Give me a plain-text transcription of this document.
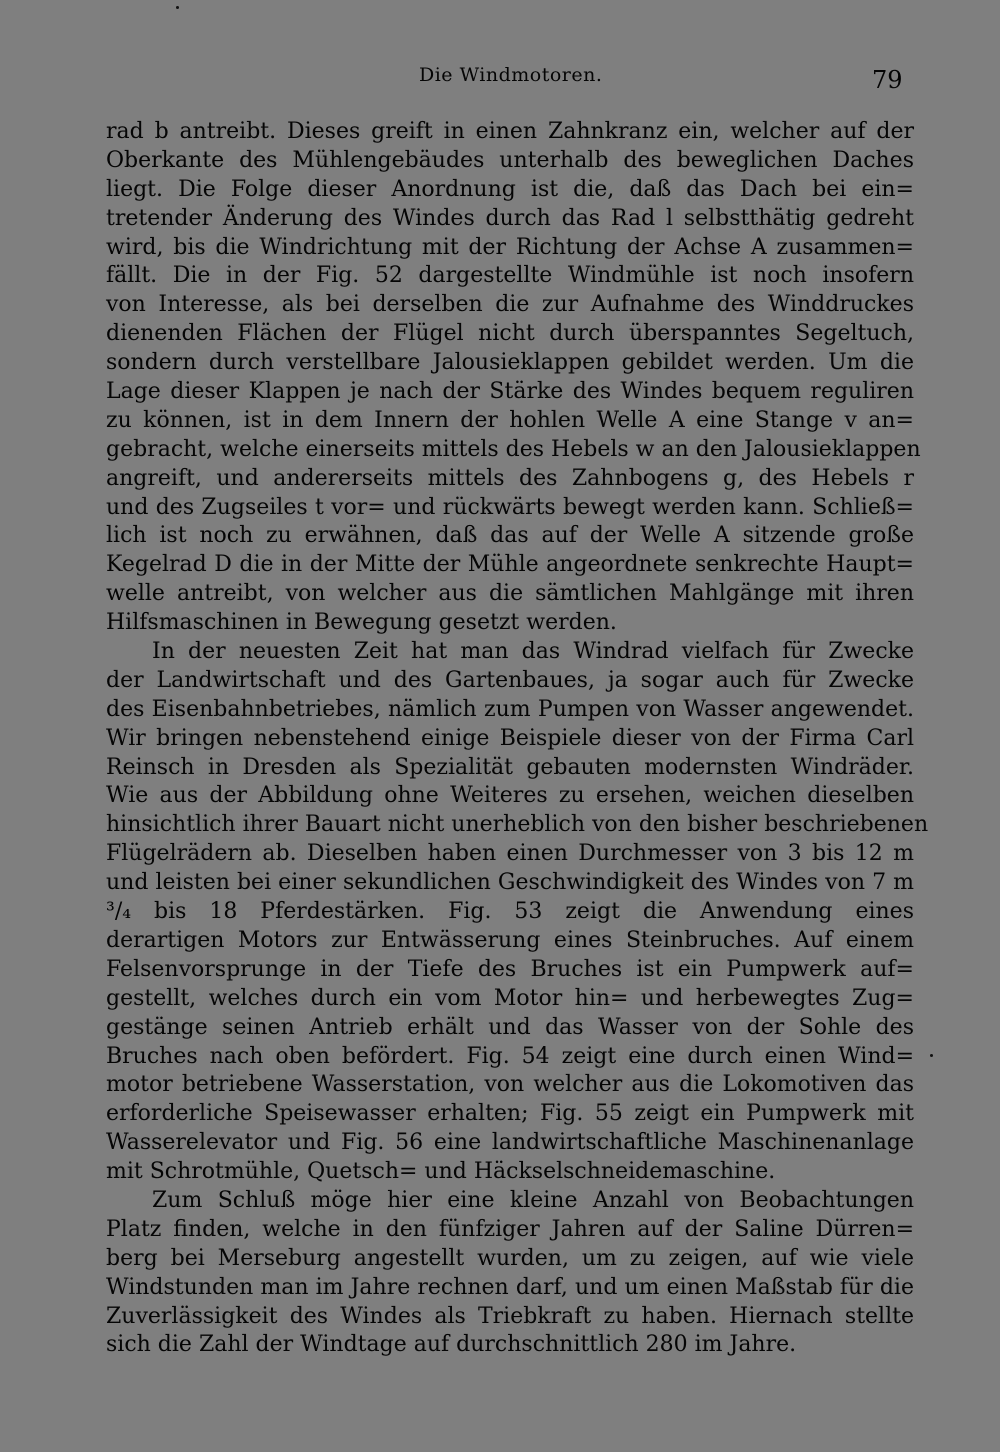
Die Windmotoren.	79
rad b antreibt. Dieses greift in einen Zahnkranz ein, welcher auf der
Oberkante des Mühlengebäudes unterhalb des beweglichen Daches
liegt. Die Folge dieser Anordnung ist die, daß das Dach bei ein=
tretender Änderung des Windes durch das Rad l selbstthätig gedreht
wird, bis die Windrichtung mit der Richtung der Achse A zusammen=
fällt. Die in der Fig. 52 dargestellte Windmühle ist noch insofern
von Interesse, als bei derselben die zur Aufnahme des Winddruckes
dienenden Flächen der Flügel nicht durch überspanntes Segeltuch,
sondern durch verstellbare Jalousieklappen gebildet werden. Um die
Lage dieser Klappen je nach der Stärke des Windes bequem reguliren
zu können, ist in dem Innern der hohlen Welle A eine Stange v an=
gebracht, welche einerseits mittels des Hebels w an den Jalousieklappen
angreift, und andererseits mittels des Zahnbogens g, des Hebels r
und des Zugseiles t vor= und rückwärts bewegt werden kann. Schließ=
lich ist noch zu erwähnen, daß das auf der Welle A sitzende große
Kegelrad D die in der Mitte der Mühle angeordnete senkrechte Haupt=
welle antreibt, von welcher aus die sämtlichen Mahlgänge mit ihren
Hilfsmaschinen in Bewegung gesetzt werden.
In der neuesten Zeit hat man das Windrad vielfach für Zwecke
der Landwirtschaft und des Gartenbaues, ja sogar auch für Zwecke
des Eisenbahnbetriebes, nämlich zum Pumpen von Wasser angewendet.
Wir bringen nebenstehend einige Beispiele dieser von der Firma Carl
Reinsch in Dresden als Spezialität gebauten modernsten Windräder.
Wie aus der Abbildung ohne Weiteres zu ersehen, weichen dieselben
hinsichtlich ihrer Bauart nicht unerheblich von den bisher beschriebenen
Flügelrädern ab. Dieselben haben einen Durchmesser von 3 bis 12 m
und leisten bei einer sekundlichen Geschwindigkeit des Windes von 7 m
³/₄ bis 18 Pferdestärken. Fig. 53 zeigt die Anwendung eines
derartigen Motors zur Entwässerung eines Steinbruches. Auf einem
Felsenvorsprunge in der Tiefe des Bruches ist ein Pumpwerk auf=
gestellt, welches durch ein vom Motor hin= und herbewegtes Zug=
gestänge seinen Antrieb erhält und das Wasser von der Sohle des
Bruches nach oben befördert. Fig. 54 zeigt eine durch einen Wind=
motor betriebene Wasserstation, von welcher aus die Lokomotiven das
erforderliche Speisewasser erhalten; Fig. 55 zeigt ein Pumpwerk mit
Wasserelevator und Fig. 56 eine landwirtschaftliche Maschinenanlage
mit Schrotmühle, Quetsch= und Häckselschneidemaschine.
Zum Schluß möge hier eine kleine Anzahl von Beobachtungen
Platz finden, welche in den fünfziger Jahren auf der Saline Dürren=
berg bei Merseburg angestellt wurden, um zu zeigen, auf wie viele
Windstunden man im Jahre rechnen darf, und um einen Maßstab für die
Zuverlässigkeit des Windes als Triebkraft zu haben. Hiernach stellte
sich die Zahl der Windtage auf durchschnittlich 280 im Jahre.
